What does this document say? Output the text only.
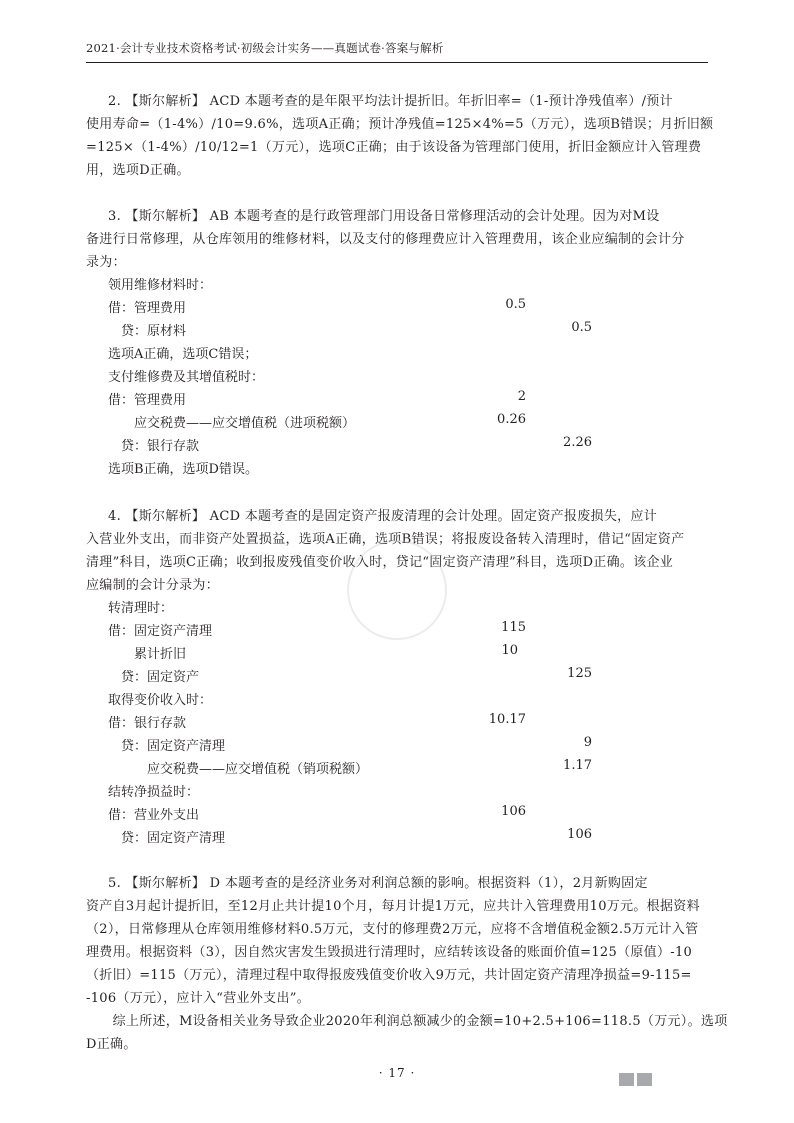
2021·会计专业技术资格考试·初级会计实务——真题试卷·答案与解析
2. 【斯尔解析】 ACD 本题考查的是年限平均法计提折旧。年折旧率=（1-预计净残值率）/预计
使用寿命=（1-4%）/10=9.6%，选项A正确；预计净残值=125×4%=5（万元），选项B错误；月折旧额
=125×（1-4%）/10/12=1（万元），选项C正确；由于该设备为管理部门使用，折旧金额应计入管理费
用，选项D正确。
3. 【斯尔解析】 AB 本题考查的是行政管理部门用设备日常修理活动的会计处理。因为对M设
备进行日常修理，从仓库领用的维修材料，以及支付的修理费应计入管理费用，该企业应编制的会计分
录为：
领用维修材料时：
借：管理费用	0.5
　贷：原材料	0.5
选项A正确，选项C错误；
支付维修费及其增值税时：
借：管理费用	2
　　应交税费——应交增值税（进项税额）	0.26
　贷：银行存款	2.26
选项B正确，选项D错误。
4. 【斯尔解析】 ACD 本题考查的是固定资产报废清理的会计处理。固定资产报废损失，应计
入营业外支出，而非资产处置损益，选项A正确，选项B错误；将报废设备转入清理时，借记“固定资产
清理”科目，选项C正确；收到报废残值变价收入时，贷记“固定资产清理”科目，选项D正确。该企业
应编制的会计分录为：
转清理时：
借：固定资产清理	115
　　累计折旧	10
　贷：固定资产	125
取得变价收入时：
借：银行存款	10.17
　贷：固定资产清理	9
　　　应交税费——应交增值税（销项税额）	1.17
结转净损益时：
借：营业外支出	106
　贷：固定资产清理	106
5. 【斯尔解析】 D 本题考查的是经济业务对利润总额的影响。根据资料（1），2月新购固定
资产自3月起计提折旧，至12月止共计提10个月，每月计提1万元，应共计入管理费用10万元。根据资料
（2），日常修理从仓库领用维修材料0.5万元，支付的修理费2万元，应将不含增值税金额2.5万元计入管
理费用。根据资料（3），因自然灾害发生毁损进行清理时，应结转该设备的账面价值=125（原值）-10
（折旧）=115（万元），清理过程中取得报废残值变价收入9万元，共计固定资产清理净损益=9-115=
-106（万元），应计入“营业外支出”。
　　综上所述，M设备相关业务导致企业2020年利润总额减少的金额=10+2.5+106=118.5（万元）。选项
D正确。
· 17 ·
